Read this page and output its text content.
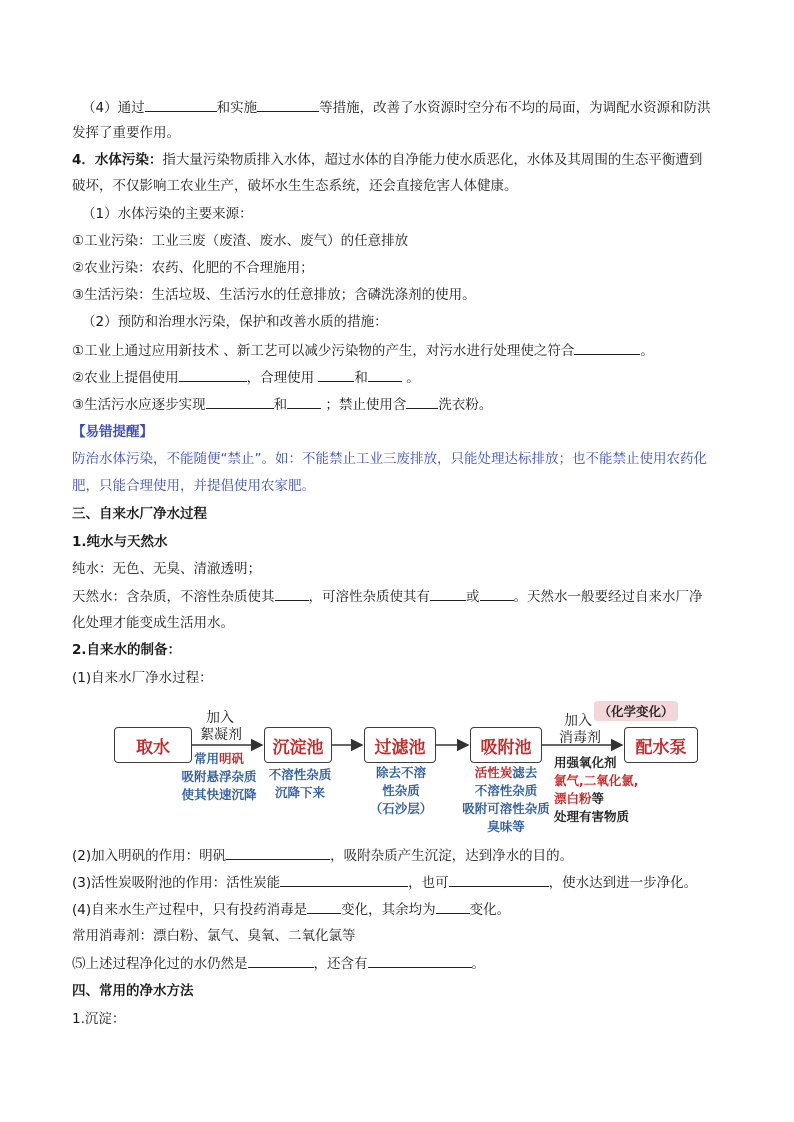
（4）通过	和实施	等措施，改善了水资源时空分布不均的局面，为调配水资源和防洪
发挥了重要作用。
4．水体污染：指大量污染物质排入水体，超过水体的自净能力使水质恶化，水体及其周围的生态平衡遭到
破坏，不仅影响工农业生产，破坏水生生态系统，还会直接危害人体健康。
（1）水体污染的主要来源：
①工业污染：工业三废（废渣、废水、废气）的任意排放
②农业污染：农药、化肥的不合理施用；
③生活污染：生活垃圾、生活污水的任意排放；含磷洗涤剂的使用。
（2）预防和治理水污染，保护和改善水质的措施：
①工业上通过应用新技术 、新工艺可以减少污染物的产生，对污水进行处理使之符合	。
②农业上提倡使用	，合理使用	和	。
③生活污水应逐步实现	和	；禁止使用含 洗衣粉。
【易错提醒】
防治水体污染，不能随便“禁止”。如：不能禁止工业三废排放，只能处理达标排放；也不能禁止使用农药化
肥，只能合理使用，并提倡使用农家肥。
三、自来水厂净水过程
1.纯水与天然水
纯水：无色、无臭、清澈透明；
天然水：含杂质，不溶性杂质使其	，可溶性杂质使其有	或	。天然水一般要经过自来水厂净
化处理才能变成生活用水。
2.自来水的制备：
(1)自来水厂净水过程：
取水	沉淀池	过滤池	吸附池	配水泵
加入
絮凝剂
加入
消毒剂
（化学变化）
常用明矾
吸附悬浮杂质
使其快速沉降
不溶性杂质
沉降下来
除去不溶
性杂质
（石沙层）
活性炭滤去
不溶性杂质
吸附可溶性杂质
臭味等
用强氧化剂
氯气,二氧化氯,
漂白粉等
处理有害物质
(2)加入明矾的作用：明矾	，吸附杂质产生沉淀，达到净水的目的。
(3)活性炭吸附池的作用：活性炭能	，也可	，使水达到进一步净化。
(4)自来水生产过程中，只有投药消毒是	变化，其余均为	变化。
常用消毒剂：漂白粉、氯气、臭氧、二氧化氯等
⑸上述过程净化过的水仍然是	，还含有	。
四、常用的净水方法
1.沉淀：
